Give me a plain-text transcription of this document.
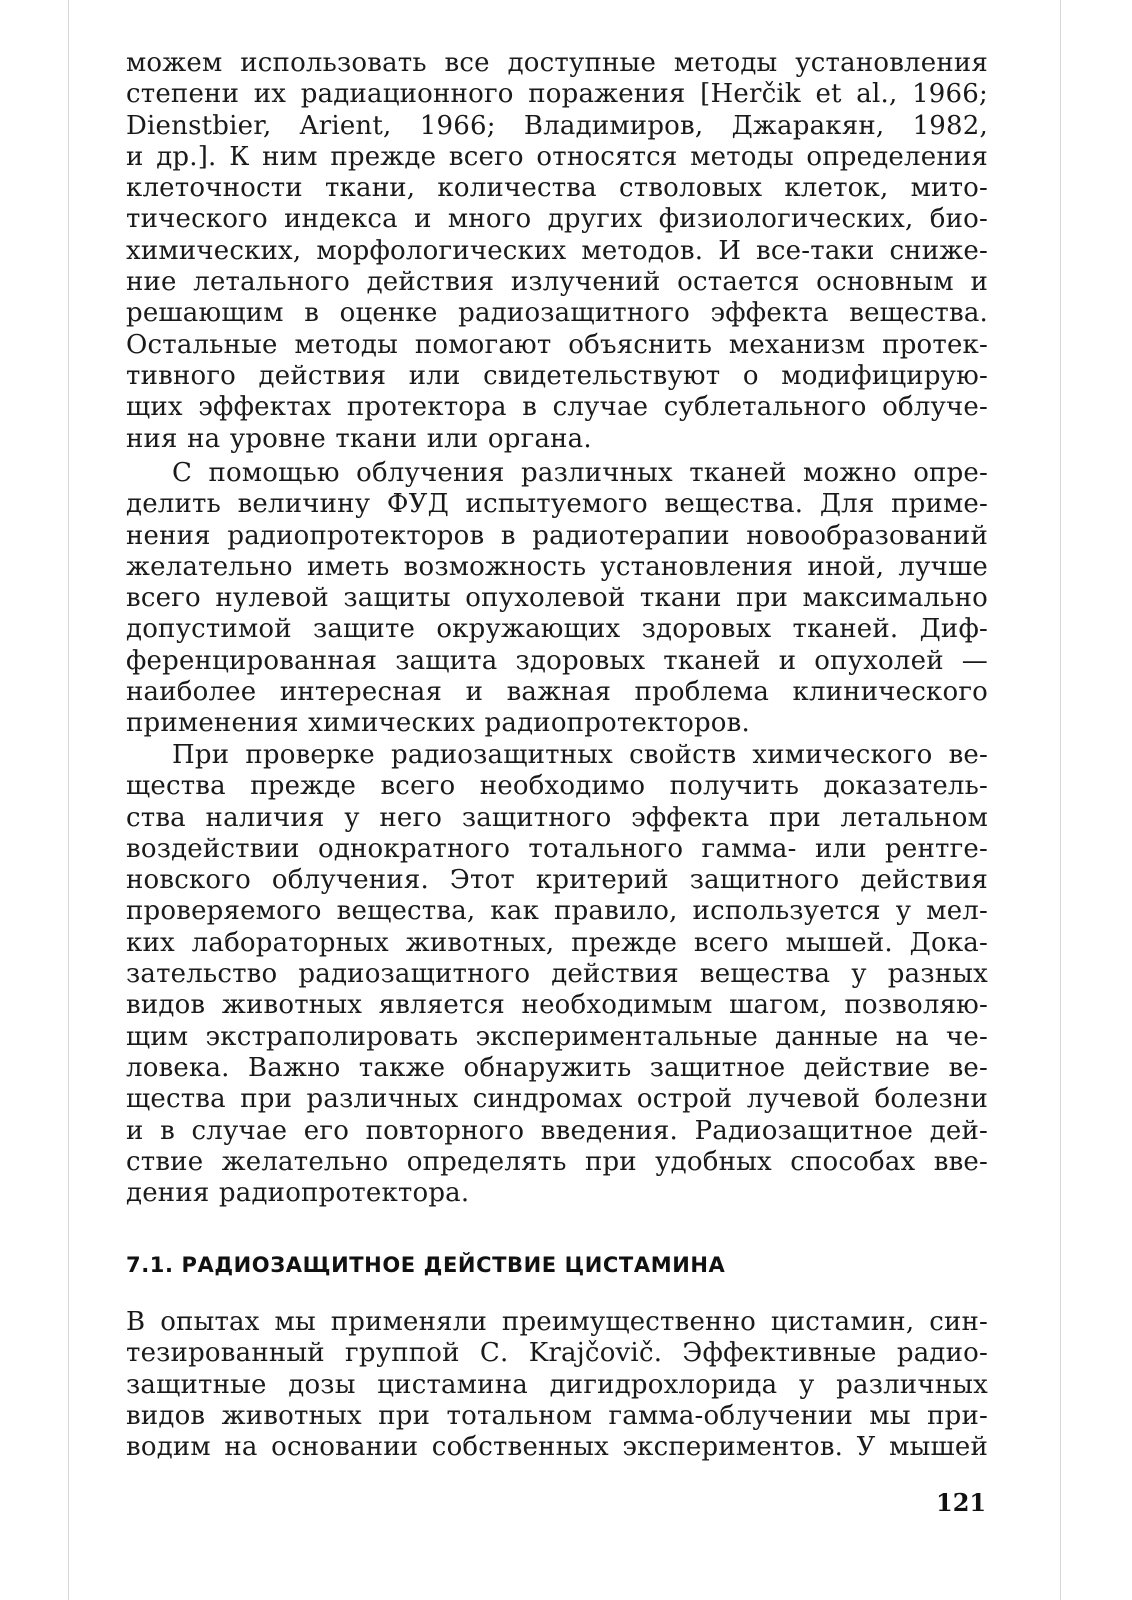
можем использовать все доступные методы установления
степени их радиационного поражения [Herčik et al., 1966;
Dienstbier, Arient, 1966; Владимиров, Джаракян, 1982,
и др.]. К ним прежде всего относятся методы определения
клеточности ткани, количества стволовых клеток, мито-
тического индекса и много других физиологических, био-
химических, морфологических методов. И все-таки сниже-
ние летального действия излучений остается основным и
решающим в оценке радиозащитного эффекта вещества.
Остальные методы помогают объяснить механизм протек-
тивного действия или свидетельствуют о модифицирую-
щих эффектах протектора в случае сублетального облуче-
ния на уровне ткани или органа.

С помощью облучения различных тканей можно опре-
делить величину ФУД испытуемого вещества. Для приме-
нения радиопротекторов в радиотерапии новообразований
желательно иметь возможность установления иной, лучше
всего нулевой защиты опухолевой ткани при максимально
допустимой защите окружающих здоровых тканей. Диф-
ференцированная защита здоровых тканей и опухолей —
наиболее интересная и важная проблема клинического
применения химических радиопротекторов.

При проверке радиозащитных свойств химического ве-
щества прежде всего необходимо получить доказатель-
ства наличия у него защитного эффекта при летальном
воздействии однократного тотального гамма- или рентге-
новского облучения. Этот критерий защитного действия
проверяемого вещества, как правило, используется у мел-
ких лабораторных животных, прежде всего мышей. Дока-
зательство радиозащитного действия вещества у разных
видов животных является необходимым шагом, позволяю-
щим экстраполировать экспериментальные данные на че-
ловека. Важно также обнаружить защитное действие ве-
щества при различных синдромах острой лучевой болезни
и в случае его повторного введения. Радиозащитное дей-
ствие желательно определять при удобных способах вве-
дения радиопротектора.

7.1. РАДИОЗАЩИТНОЕ ДЕЙСТВИЕ ЦИСТАМИНА

В опытах мы применяли преимущественно цистамин, син-
тезированный группой С. Krajčovič. Эффективные радио-
защитные дозы цистамина дигидрохлорида у различных
видов животных при тотальном гамма-облучении мы при-
водим на основании собственных экспериментов. У мышей

121
